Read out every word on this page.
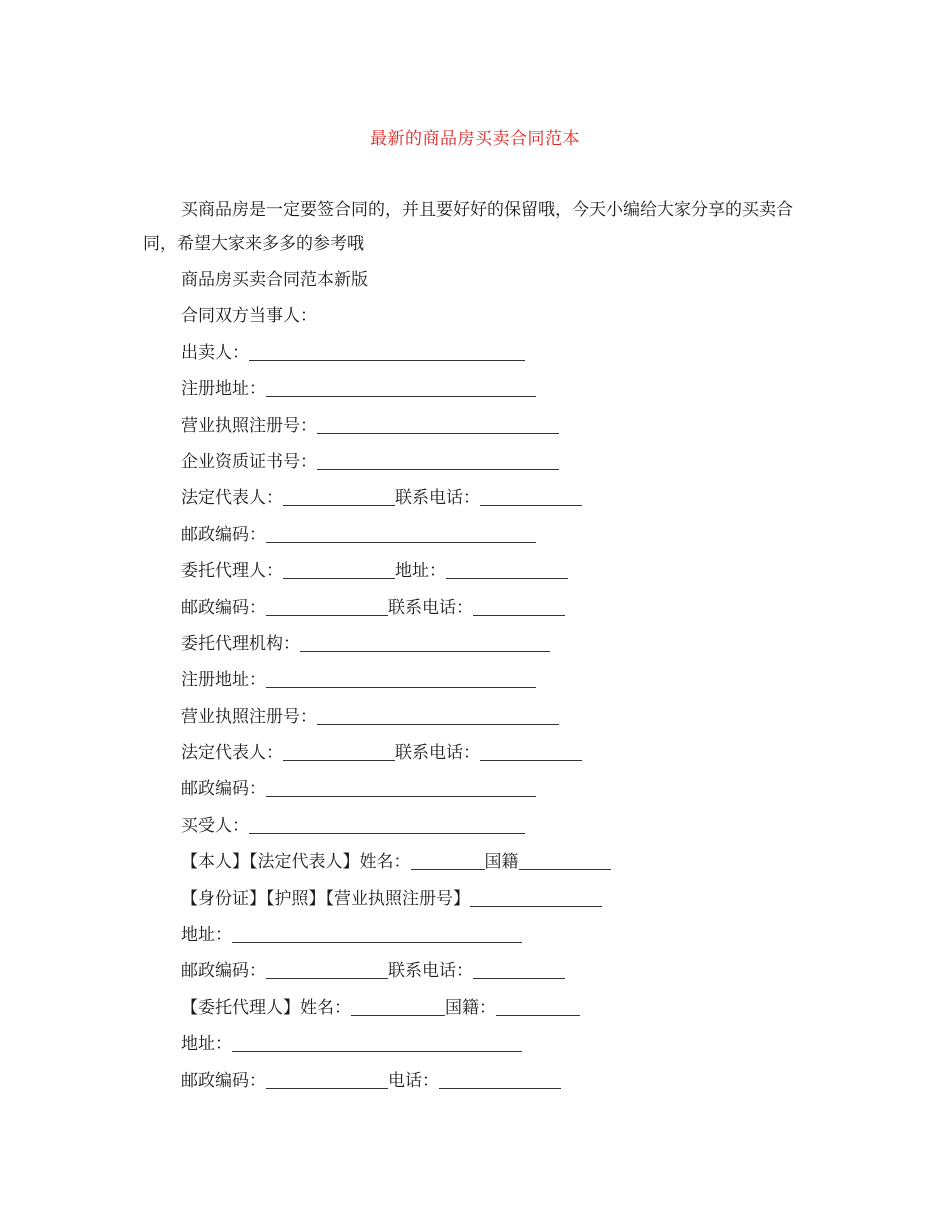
最新的商品房买卖合同范本

买商品房是一定要签合同的，并且要好好的保留哦，今天小编给大家分享的买卖合同，希望大家来多多的参考哦

商品房买卖合同范本新版
合同双方当事人：
出卖人：
注册地址：
营业执照注册号：
企业资质证书号：
法定代表人：	联系电话：
邮政编码：
委托代理人：	地址：
邮政编码：	联系电话：
委托代理机构：
注册地址：
营业执照注册号：
法定代表人：	联系电话：
邮政编码：
买受人：
【本人】【法定代表人】姓名：	国籍
【身份证】【护照】【营业执照注册号】
地址：
邮政编码：	联系电话：
【委托代理人】姓名：	国籍：
地址：
邮政编码：	电话：
